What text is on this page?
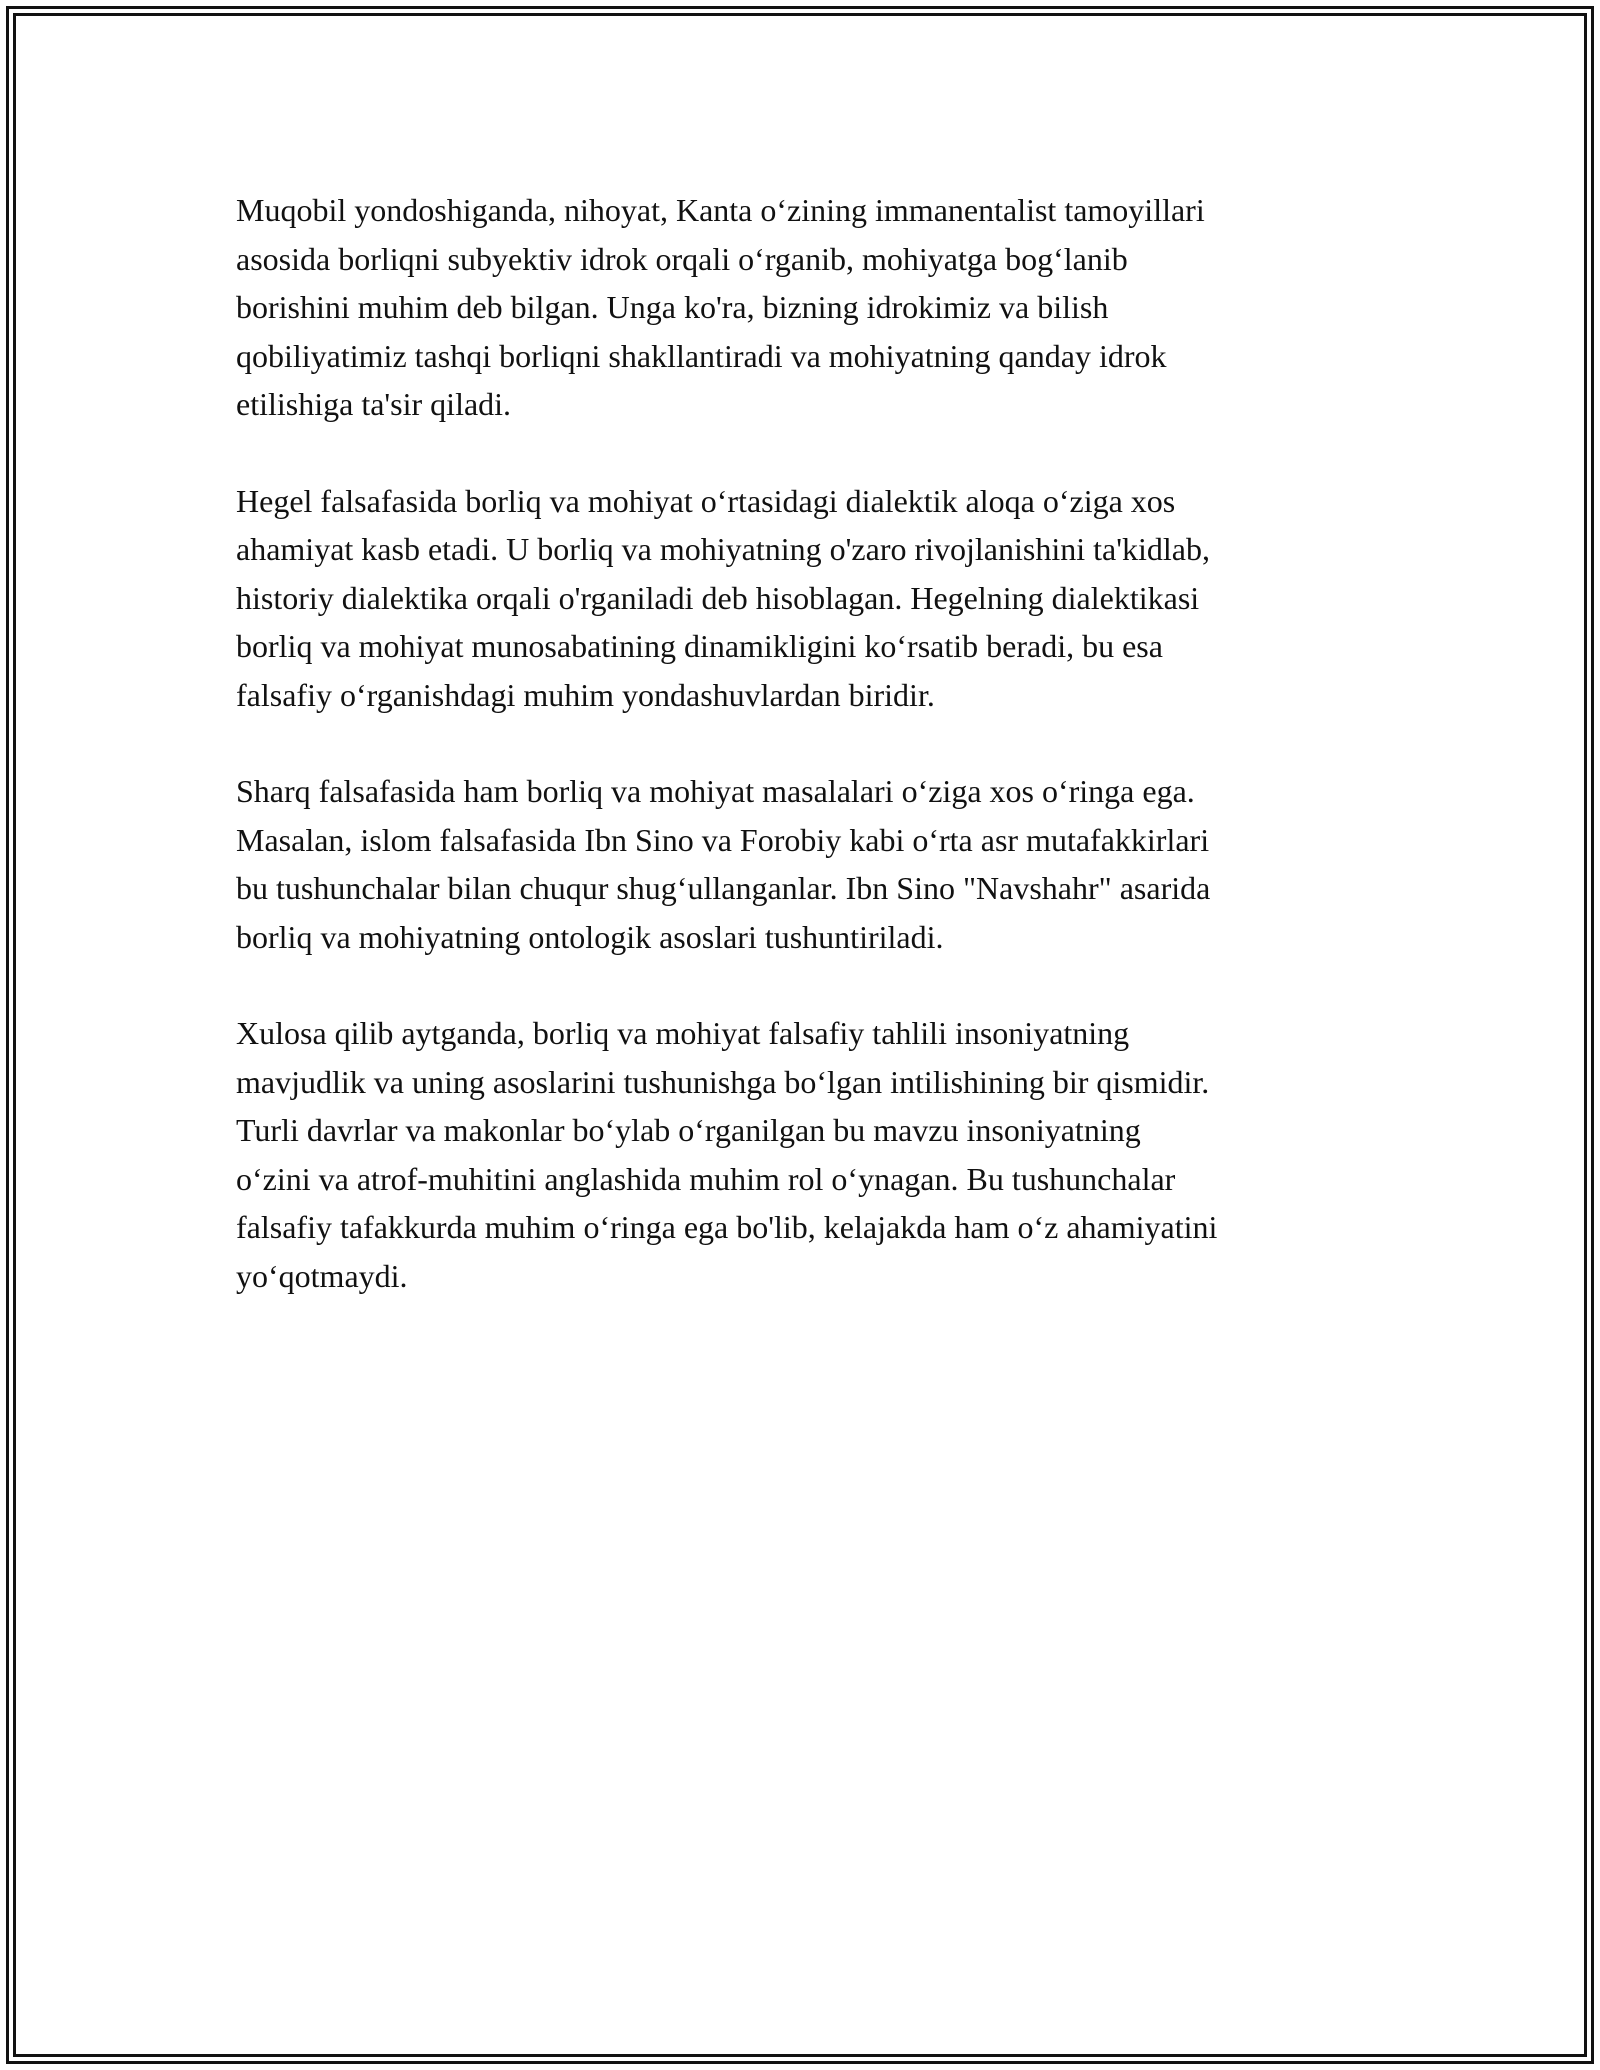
Muqobil yondoshiganda, nihoyat, Kanta o‘zining immanentalist tamoyillari
asosida borliqni subyektiv idrok orqali o‘rganib, mohiyatga bog‘lanib
borishini muhim deb bilgan. Unga ko'ra, bizning idrokimiz va bilish
qobiliyatimiz tashqi borliqni shakllantiradi va mohiyatning qanday idrok
etilishiga ta'sir qiladi.

Hegel falsafasida borliq va mohiyat o‘rtasidagi dialektik aloqa o‘ziga xos
ahamiyat kasb etadi. U borliq va mohiyatning o'zaro rivojlanishini ta'kidlab,
historiy dialektika orqali o'rganiladi deb hisoblagan. Hegelning dialektikasi
borliq va mohiyat munosabatining dinamikligini ko‘rsatib beradi, bu esa
falsafiy o‘rganishdagi muhim yondashuvlardan biridir.

Sharq falsafasida ham borliq va mohiyat masalalari o‘ziga xos o‘ringa ega.
Masalan, islom falsafasida Ibn Sino va Forobiy kabi o‘rta asr mutafakkirlari
bu tushunchalar bilan chuqur shug‘ullanganlar. Ibn Sino "Navshahr" asarida
borliq va mohiyatning ontologik asoslari tushuntiriladi.

Xulosa qilib aytganda, borliq va mohiyat falsafiy tahlili insoniyatning
mavjudlik va uning asoslarini tushunishga bo‘lgan intilishining bir qismidir.
Turli davrlar va makonlar bo‘ylab o‘rganilgan bu mavzu insoniyatning
o‘zini va atrof-muhitini anglashida muhim rol o‘ynagan. Bu tushunchalar
falsafiy tafakkurda muhim o‘ringa ega bo'lib, kelajakda ham o‘z ahamiyatini
yo‘qotmaydi.
